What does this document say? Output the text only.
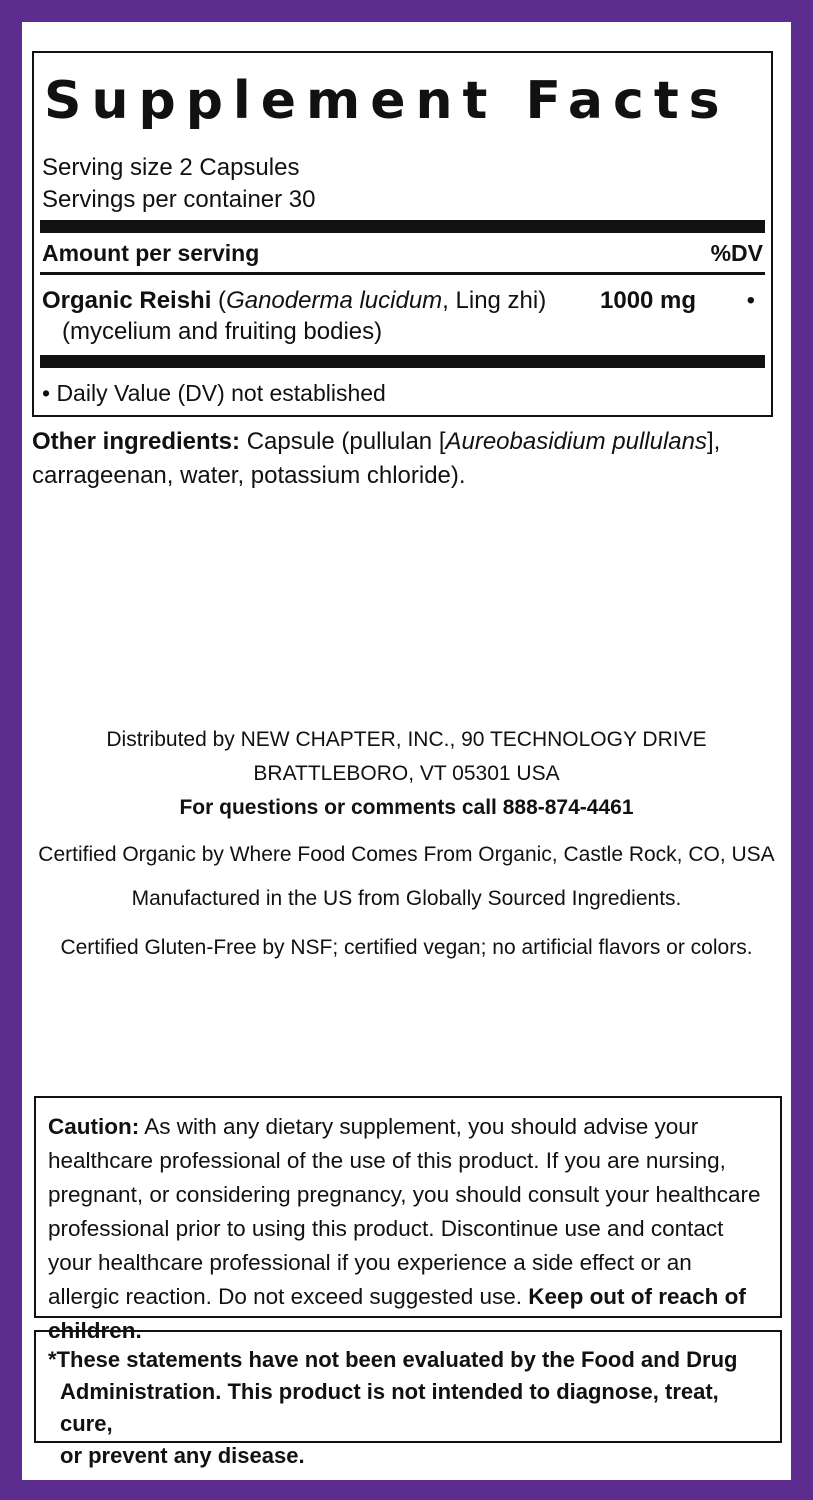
Supplement Facts
Serving size 2 Capsules
Servings per container 30
Amount per serving	%DV
Organic Reishi (Ganoderma lucidum, Ling zhi)
(mycelium and fruiting bodies)
1000 mg •
• Daily Value (DV) not established
Other ingredients: Capsule (pullulan [Aureobasidium pullulans], carrageenan, water, potassium chloride).
Distributed by NEW CHAPTER, INC., 90 TECHNOLOGY DRIVE
BRATTLEBORO, VT 05301 USA
For questions or comments call 888-874-4461
Certified Organic by Where Food Comes From Organic, Castle Rock, CO, USA
Manufactured in the US from Globally Sourced Ingredients.
Certified Gluten-Free by NSF; certified vegan; no artificial flavors or colors.
Caution: As with any dietary supplement, you should advise your healthcare professional of the use of this product. If you are nursing, pregnant, or considering pregnancy, you should consult your healthcare professional prior to using this product. Discontinue use and contact your healthcare professional if you experience a side effect or an allergic reaction. Do not exceed suggested use. Keep out of reach of children.
*These statements have not been evaluated by the Food and Drug
Administration. This product is not intended to diagnose, treat, cure,
or prevent any disease.
